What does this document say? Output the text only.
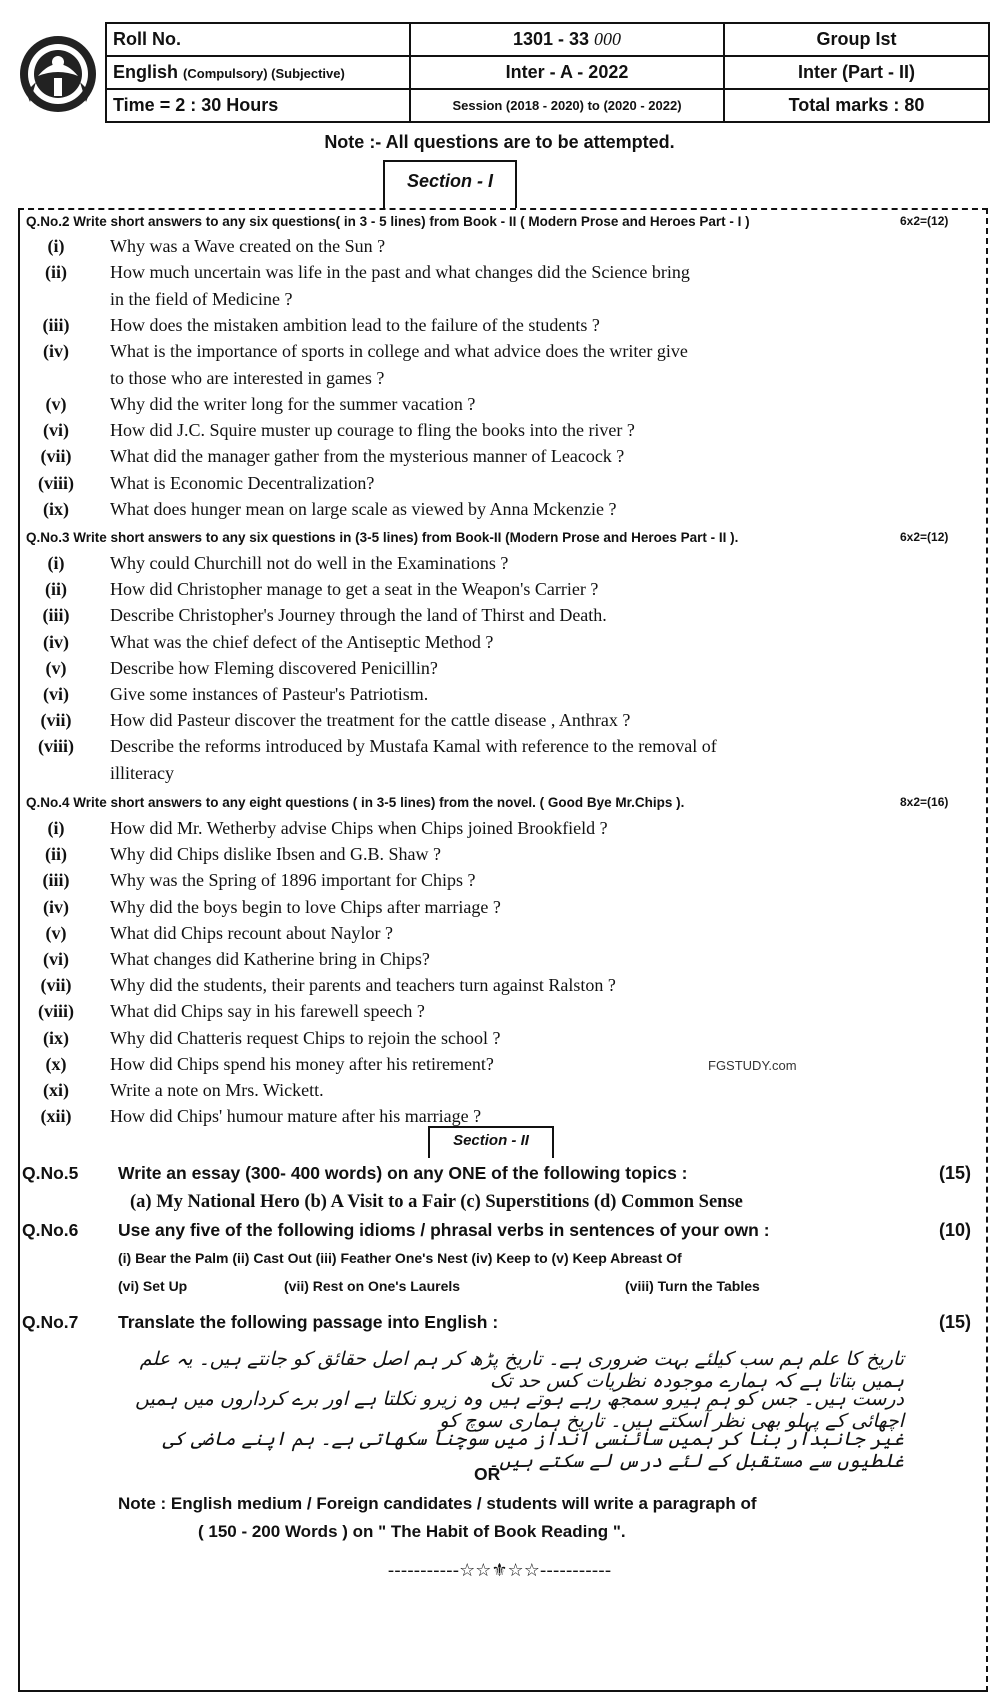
Roll No.	1301 - 33 000	Group Ist
English (Compulsory) (Subjective)	Inter - A - 2022	Inter (Part - II)
Time = 2 : 30 Hours	Session (2018 - 2020) to (2020 - 2022)	Total marks : 80
Note :- All questions are to be attempted.
Section - I
Q.No.2 Write short answers to any six questions( in 3 - 5 lines) from Book - II ( Modern Prose and Heroes Part - I )	6x2=(12)
(i)	Why was a Wave created on the Sun ?
(ii)	How much uncertain was life in the past and what changes did the Science bring
in the field of Medicine ?
(iii)	How does the mistaken ambition lead to the failure of the students ?
(iv)	What is the importance of sports in college and what advice does the writer give
to those who are interested in games ?
(v)	Why did the writer long for the summer vacation ?
(vi)	How did J.C. Squire muster up courage to fling the books into the river ?
(vii)	What did the manager gather from the mysterious manner of Leacock ?
(viii)	What is Economic Decentralization?
(ix)	What does hunger mean on large scale as viewed by Anna Mckenzie ?
Q.No.3 Write short answers to any six questions in (3-5 lines) from Book-II (Modern Prose and Heroes Part - II ).	6x2=(12)
(i)	Why could Churchill not do well in the Examinations ?
(ii)	How did Christopher manage to get a seat in the Weapon's Carrier ?
(iii)	Describe Christopher's Journey through the land of Thirst and Death.
(iv)	What was the chief defect of the Antiseptic Method ?
(v)	Describe how Fleming discovered Penicillin?
(vi)	Give some instances of Pasteur's Patriotism.
(vii)	How did Pasteur discover the treatment for the cattle disease , Anthrax ?
(viii)	Describe the reforms introduced by Mustafa Kamal with reference to the removal of
illiteracy
Q.No.4 Write short answers to any eight questions ( in 3-5 lines) from the novel. ( Good Bye Mr.Chips ).	8x2=(16)
(i)	How did Mr. Wetherby advise Chips when Chips joined Brookfield ?
(ii)	Why did Chips dislike Ibsen and G.B. Shaw ?
(iii)	Why was the Spring of 1896 important for Chips ?
(iv)	Why did the boys begin to love Chips after marriage ?
(v)	What did Chips recount about Naylor ?
(vi)	What changes did Katherine bring in Chips?
(vii)	Why did the students, their parents and teachers turn against Ralston ?
(viii)	What did Chips say in his farewell speech ?
(ix)	Why did Chatteris request Chips to rejoin the school ?
(x)	How did Chips spend his money after his retirement?
(xi)	Write a note on Mrs. Wickett.
(xii)	How did Chips' humour mature after his marriage ?
FGSTUDY.com
Section - II
Q.No.5 Write an essay (300- 400 words) on any ONE of the following topics :	(15)
(a) My National Hero (b) A Visit to a Fair (c) Superstitions (d) Common Sense
Q.No.6 Use any five of the following idioms / phrasal verbs in sentences of your own :	(10)
(i) Bear the Palm (ii) Cast Out (iii) Feather One's Nest (iv) Keep to (v) Keep Abreast Of
(vi) Set Up	(vii) Rest on One's Laurels	(viii) Turn the Tables
Q.No.7 Translate the following passage into English :	(15)
تاریخ کا علم ہم سب کیلئے بہت ضروری ہے۔ تاریخ پڑھ کر ہم اصل حقائق کو جانتے ہیں۔ یہ علم ہمیں بتاتا ہے کہ ہمارے موجودہ نظریات کس حد تک
درست ہیں۔ جس کو ہم ہیرو سمجھ رہے ہوتے ہیں وہ زیرو نکلتا ہے اور برے کرداروں میں ہمیں اچھائی کے پہلو بھی نظر آسکتے ہیں۔ تاریخ ہماری سوچ کو
غیر جانبدار بنا کر ہمیں سائنسی انداز میں سوچنا سکھاتی ہے۔ ہم اپنے ماضی کی غلطیوں سے مستقبل کے لئے درس لے سکتے ہیں۔
OR
Note : English medium / Foreign candidates / students will write a paragraph of
( 150 - 200 Words ) on " The Habit of Book Reading ".
-----------☆☆⚜☆☆-----------
